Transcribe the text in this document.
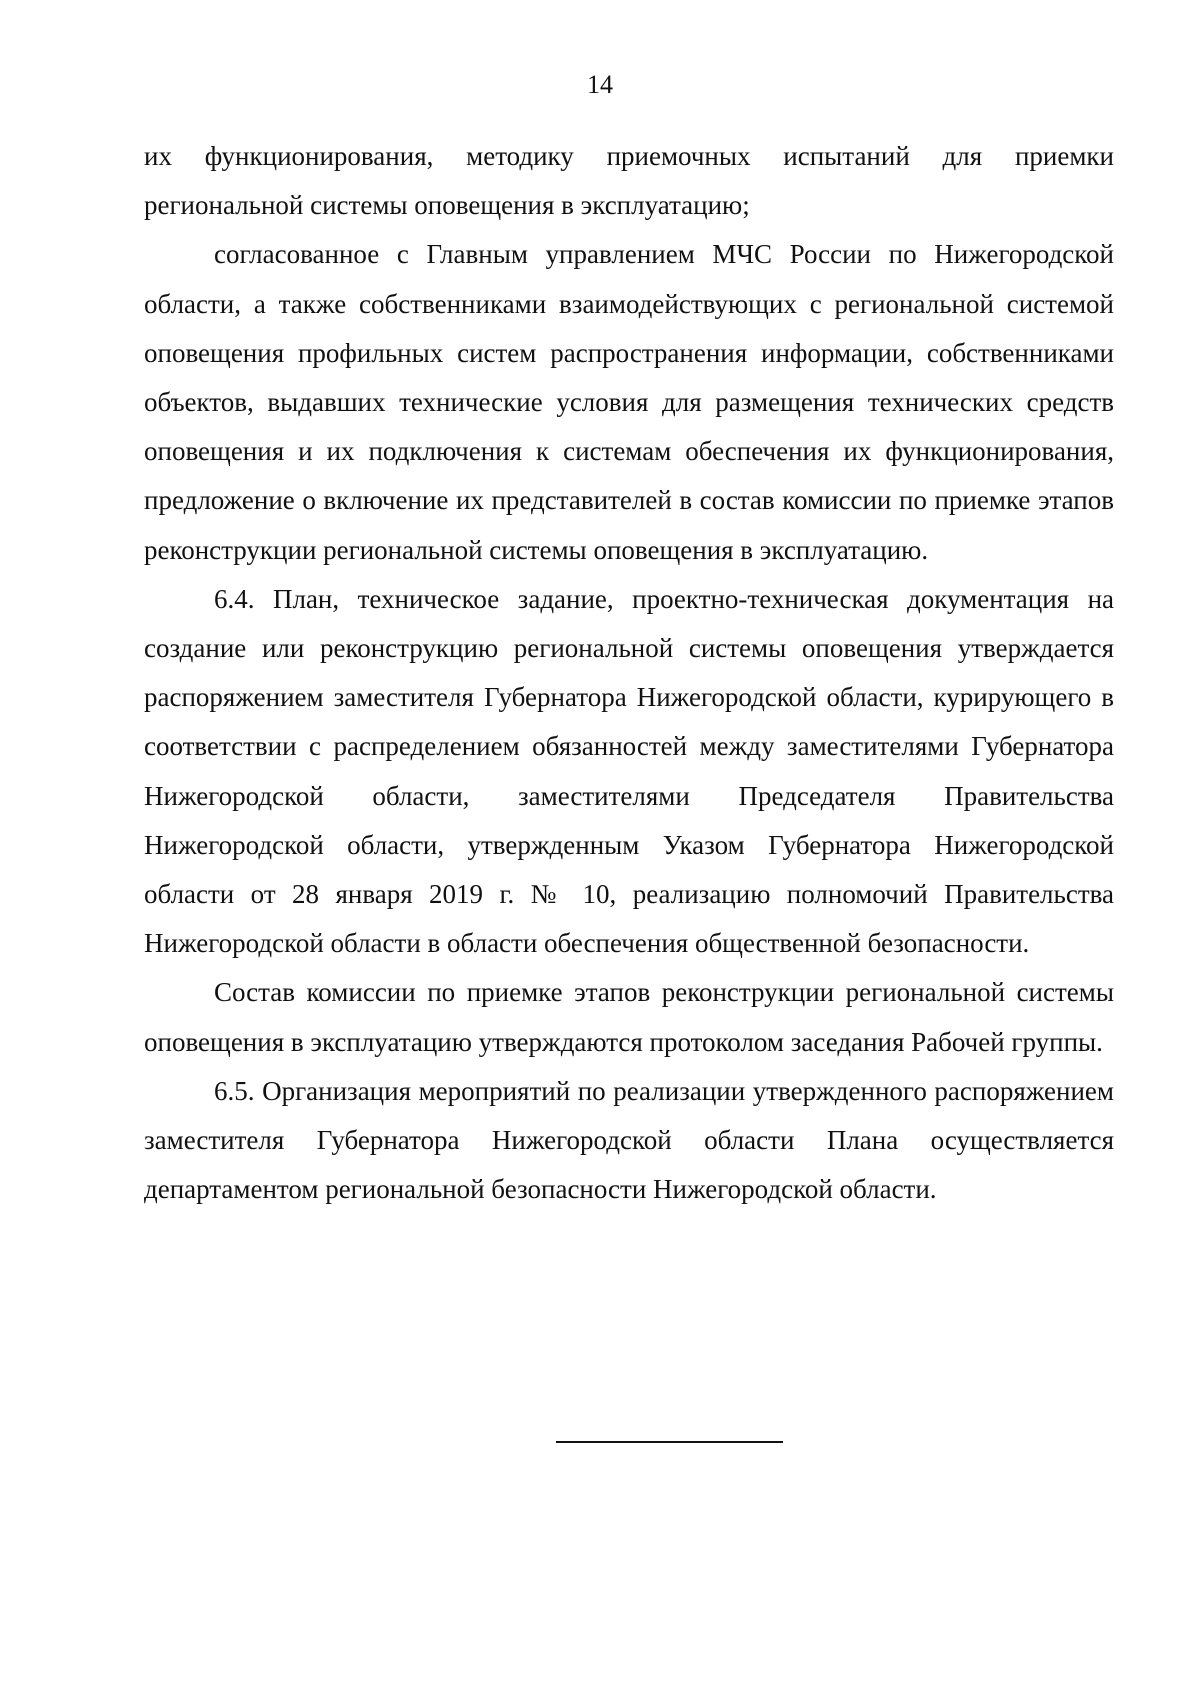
14

их функционирования, методику приемочных испытаний для приемки региональной системы оповещения в эксплуатацию;

согласованное с Главным управлением МЧС России по Нижегородской области, а также собственниками взаимодействующих с региональной системой оповещения профильных систем распространения информации, собственниками объектов, выдавших технические условия для размещения технических средств оповещения и их подключения к системам обеспечения их функционирования, предложение о включение их представителей в состав комиссии по приемке этапов реконструкции региональной системы оповещения в эксплуатацию.

6.4. План, техническое задание, проектно-техническая документация на создание или реконструкцию региональной системы оповещения утверждается распоряжением заместителя Губернатора Нижегородской области, курирующего в соответствии с распределением обязанностей между заместителями Губернатора Нижегородской области, заместителями Председателя Правительства Нижегородской области, утвержденным Указом Губернатора Нижегородской области от 28 января 2019 г. № 10, реализацию полномочий Правительства Нижегородской области в области обеспечения общественной безопасности.

Состав комиссии по приемке этапов реконструкции региональной системы оповещения в эксплуатацию утверждаются протоколом заседания Рабочей группы.

6.5. Организация мероприятий по реализации утвержденного распоряжением заместителя Губернатора Нижегородской области Плана осуществляется департаментом региональной безопасности Нижегородской области.
